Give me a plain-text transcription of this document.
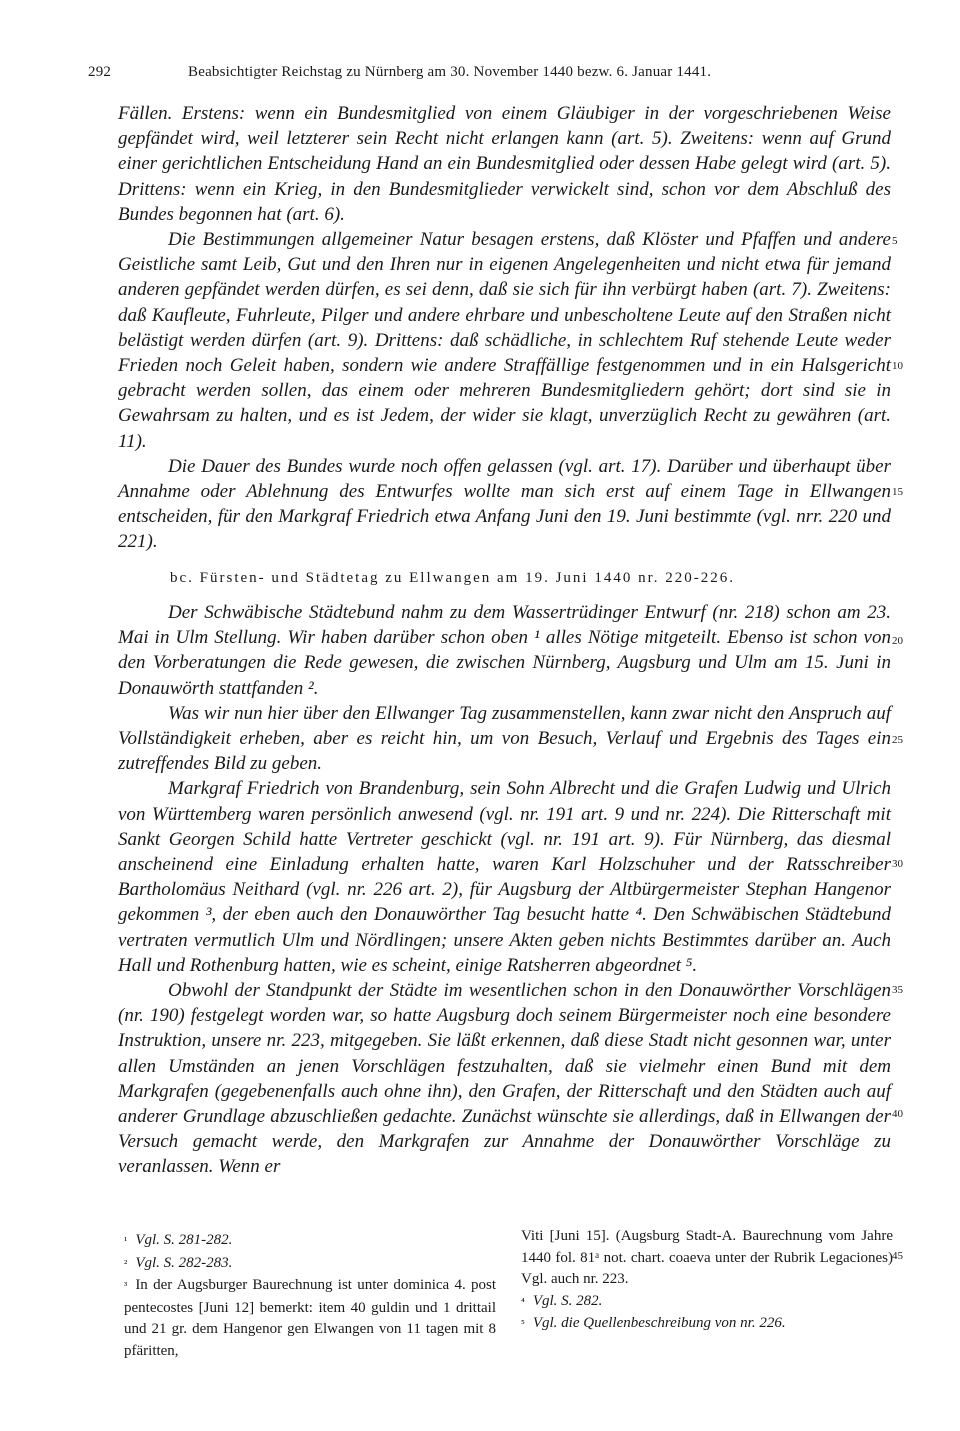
292	Beabsichtigter Reichstag zu Nürnberg am 30. November 1440 bezw. 6. Januar 1441.

Fällen. Erstens: wenn ein Bundesmitglied von einem Gläubiger in der vorgeschriebenen Weise gepfändet wird, weil letzterer sein Recht nicht erlangen kann (art. 5). Zweitens: wenn auf Grund einer gerichtlichen Entscheidung Hand an ein Bundesmitglied oder dessen Habe gelegt wird (art. 5). Drittens: wenn ein Krieg, in den Bundesmitglieder verwickelt sind, schon vor dem Abschluß des Bundes begonnen hat (art. 6).

Die Bestimmungen allgemeiner Natur besagen erstens, daß Klöster und Pfaffen und andere Geistliche samt Leib, Gut und den Ihren nur in eigenen Angelegenheiten und nicht etwa für jemand anderen gepfändet werden dürfen, es sei denn, daß sie sich für ihn verbürgt haben (art. 7). Zweitens: daß Kaufleute, Fuhrleute, Pilger und andere ehrbare und unbescholtene Leute auf den Straßen nicht belästigt werden dürfen (art. 9). Drittens: daß schädliche, in schlechtem Ruf stehende Leute weder Frieden noch Geleit haben, sondern wie andere Straffällige festgenommen und in ein Halsgericht gebracht werden sollen, das einem oder mehreren Bundesmitgliedern gehört; dort sind sie in Gewahrsam zu halten, und es ist Jedem, der wider sie klagt, unverzüglich Recht zu gewähren (art. 11).

Die Dauer des Bundes wurde noch offen gelassen (vgl. art. 17). Darüber und überhaupt über Annahme oder Ablehnung des Entwurfes wollte man sich erst auf einem Tage in Ellwangen entscheiden, für den Markgraf Friedrich etwa Anfang Juni den 19. Juni bestimmte (vgl. nrr. 220 und 221).

bc. Fürsten- und Städtetag zu Ellwangen am 19. Juni 1440 nr. 220-226.

Der Schwäbische Städtebund nahm zu dem Wassertrüdinger Entwurf (nr. 218) schon am 23. Mai in Ulm Stellung. Wir haben darüber schon oben ¹ alles Nötige mitgeteilt. Ebenso ist schon von den Vorberatungen die Rede gewesen, die zwischen Nürnberg, Augsburg und Ulm am 15. Juni in Donauwörth stattfanden ².

Was wir nun hier über den Ellwanger Tag zusammenstellen, kann zwar nicht den Anspruch auf Vollständigkeit erheben, aber es reicht hin, um von Besuch, Verlauf und Ergebnis des Tages ein zutreffendes Bild zu geben.

Markgraf Friedrich von Brandenburg, sein Sohn Albrecht und die Grafen Ludwig und Ulrich von Württemberg waren persönlich anwesend (vgl. nr. 191 art. 9 und nr. 224). Die Ritterschaft mit Sankt Georgen Schild hatte Vertreter geschickt (vgl. nr. 191 art. 9). Für Nürnberg, das diesmal anscheinend eine Einladung erhalten hatte, waren Karl Holzschuher und der Ratsschreiber Bartholomäus Neithard (vgl. nr. 226 art. 2), für Augsburg der Altbürgermeister Stephan Hangenor gekommen ³, der eben auch den Donauwörther Tag besucht hatte ⁴. Den Schwäbischen Städtebund vertraten vermutlich Ulm und Nördlingen; unsere Akten geben nichts Bestimmtes darüber an. Auch Hall und Rothenburg hatten, wie es scheint, einige Ratsherren abgeordnet ⁵.

Obwohl der Standpunkt der Städte im wesentlichen schon in den Donauwörther Vorschlägen (nr. 190) festgelegt worden war, so hatte Augsburg doch seinem Bürgermeister noch eine besondere Instruktion, unsere nr. 223, mitgegeben. Sie läßt erkennen, daß diese Stadt nicht gesonnen war, unter allen Umständen an jenen Vorschlägen festzuhalten, daß sie vielmehr einen Bund mit dem Markgrafen (gegebenenfalls auch ohne ihn), den Grafen, der Ritterschaft und den Städten auch auf anderer Grundlage abzuschließen gedachte. Zunächst wünschte sie allerdings, daß in Ellwangen der Versuch gemacht werde, den Markgrafen zur Annahme der Donauwörther Vorschläge zu veranlassen. Wenn er

5
10
15
20
25
30
35
40
45

¹ Vgl. S. 281-282.

² Vgl. S. 282-283.

³ In der Augsburger Baurechnung ist unter dominica 4. post pentecostes [Juni 12] bemerkt: item 40 guldin und 1 drittail und 21 gr. dem Hangenor gen Elwangen von 11 tagen mit 8 pfäritten,

Viti [Juni 15]. (Augsburg Stadt-A. Baurechnung vom Jahre 1440 fol. 81ᵃ not. chart. coaeva unter der Rubrik Legaciones) Vgl. auch nr. 223.

⁴ Vgl. S. 282.

⁵ Vgl. die Quellenbeschreibung von nr. 226.
